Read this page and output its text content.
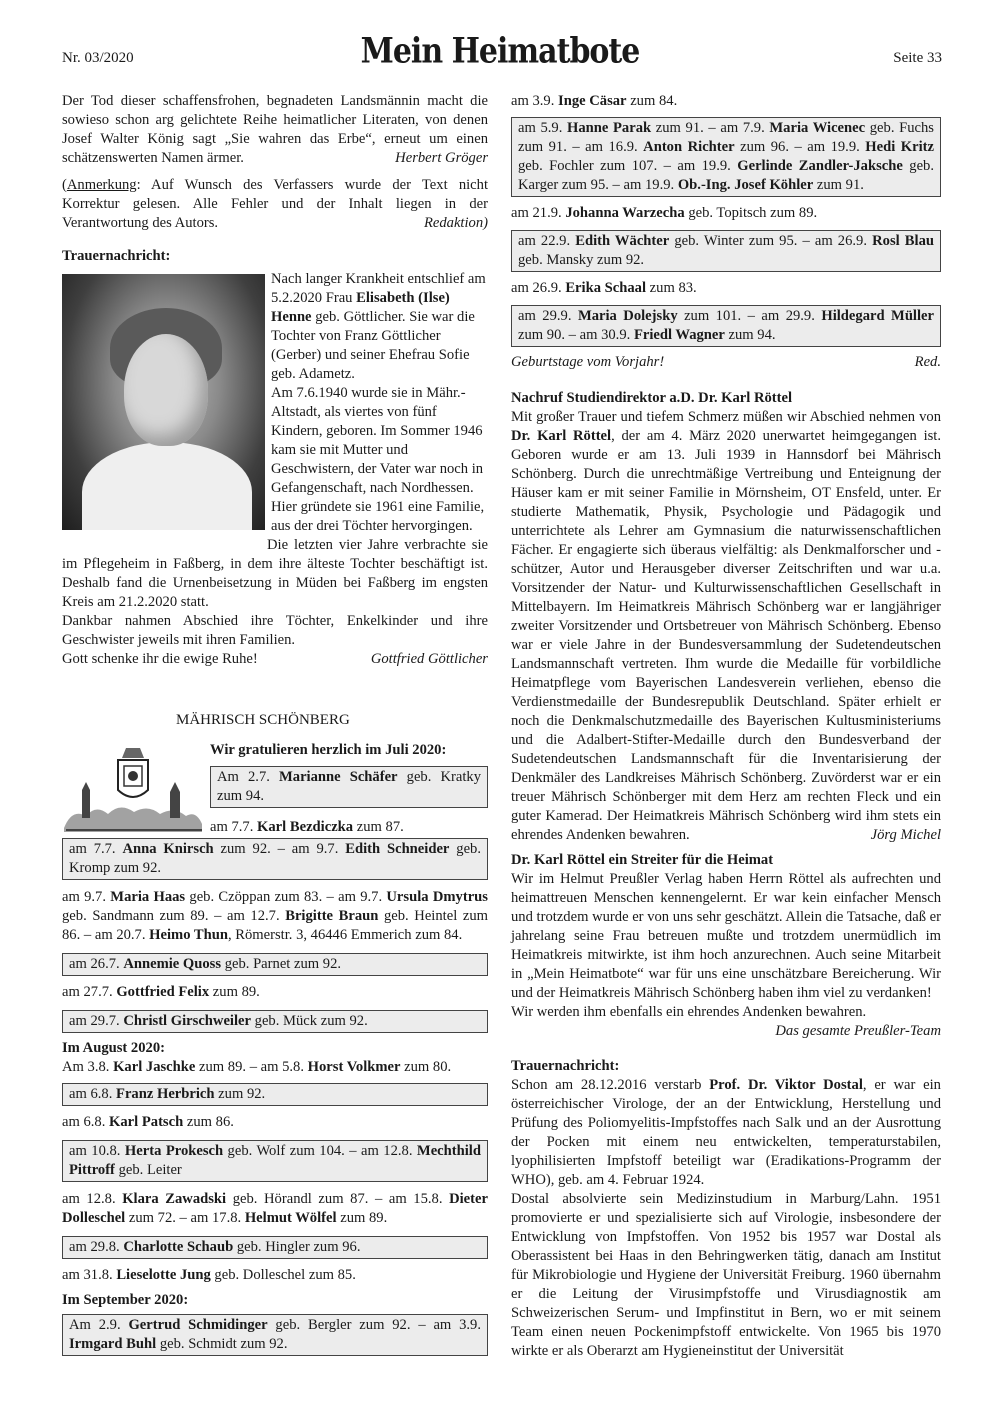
Nr. 03/2020	Mein Heimatbote	Seite 33

Der Tod dieser schaffensfrohen, begnadeten Landsmännin macht die sowieso schon arg gelichtete Reihe heimatlicher Literaten, von denen Josef Walter König sagt „Sie wahren das Erbe“, erneut um einen schätzenswerten Namen ärmer.	Herbert Gröger

(Anmerkung: Auf Wunsch des Verfassers wurde der Text nicht Korrektur gelesen. Alle Fehler und der Inhalt liegen in der Verantwortung des Autors.	Redaktion)
Trauernachricht:

Nach langer Krankheit entschlief am 5.2.2020 Frau Elisabeth (Ilse) Henne geb. Göttlicher. Sie war die Tochter von Franz Göttlicher (Gerber) und seiner Ehefrau Sofie geb. Adametz.

Am 7.6.1940 wurde sie in Mähr.-Altstadt, als viertes von fünf Kindern, geboren. Im Sommer 1946 kam sie mit Mutter und Geschwistern, der Vater war noch in Gefangenschaft, nach Nordhessen. Hier gründete sie 1961 eine Familie, aus der drei Töchter hervorgingen.

Die letzten vier Jahre verbrachte sie im Pflegeheim in Faßberg, in dem ihre älteste Tochter beschäftigt ist. Deshalb fand die Urnenbeisetzung in Müden bei Faßberg im engsten Kreis am 21.2.2020 statt.

Dankbar nahmen Abschied ihre Töchter, Enkelkinder und ihre Geschwister jeweils mit ihren Familien.

Gott schenke ihr die ewige Ruhe!	Gottfried Göttlicher
MÄHRISCH SCHÖNBERG
Wir gratulieren herzlich im Juli 2020:
Am 2.7. Marianne Schäfer geb. Kratky zum 94.

am 7.7. Karl Bezdiczka zum 87.

am 7.7. Anna Knirsch zum 92. – am 9.7. Edith Schneider geb. Kromp zum 92.

am 9.7. Maria Haas geb. Czöppan zum 83. – am 9.7. Ursula Dmytrus geb. Sandmann zum 89. – am 12.7. Brigitte Braun geb. Heintel zum 86. – am 20.7. Heimo Thun, Römerstr. 3, 46446 Emmerich zum 84.

am 26.7. Annemie Quoss geb. Parnet zum 92.

am 27.7. Gottfried Felix zum 89.

am 29.7. Christl Girschweiler geb. Mück zum 92.
Im August 2020:

Am 3.8. Karl Jaschke zum 89. – am 5.8. Horst Volkmer zum 80.

am 6.8. Franz Herbrich zum 92.

am 6.8. Karl Patsch zum 86.

am 10.8. Herta Prokesch geb. Wolf zum 104. – am 12.8. Mechthild Pittroff geb. Leiter

am 12.8. Klara Zawadski geb. Hörandl zum 87. – am 15.8. Dieter Dolleschel zum 72. – am 17.8. Helmut Wölfel zum 89.

am 29.8. Charlotte Schaub geb. Hingler zum 96.

am 31.8. Lieselotte Jung geb. Dolleschel zum 85.

Im September 2020:
Am 2.9. Gertrud Schmidinger geb. Bergler zum 92. – am 3.9. Irmgard Buhl geb. Schmidt zum 92.

am 3.9. Inge Cäsar zum 84.

am 5.9. Hanne Parak zum 91. – am 7.9. Maria Wicenec geb. Fuchs zum 91. – am 16.9. Anton Richter zum 96. – am 19.9. Hedi Kritz geb. Fochler zum 107. – am 19.9. Gerlinde Zandler-Jaksche geb. Karger zum 95. – am 19.9. Ob.-Ing. Josef Köhler zum 91.

am 21.9. Johanna Warzecha geb. Topitsch zum 89.

am 22.9. Edith Wächter geb. Winter zum 95. – am 26.9. Rosl Blau geb. Mansky zum 92.

am 26.9. Erika Schaal zum 83.

am 29.9. Maria Dolejsky zum 101. – am 29.9. Hildegard Müller zum 90. – am 30.9. Friedl Wagner zum 94.
Geburtstage vom Vorjahr!	Red.
Nachruf Studiendirektor a.D. Dr. Karl Röttel

Mit großer Trauer und tiefem Schmerz müßen wir Abschied nehmen von Dr. Karl Röttel, der am 4. März 2020 unerwartet heimgegangen ist. Geboren wurde er am 13. Juli 1939 in Hannsdorf bei Mährisch Schönberg. Durch die unrechtmäßige Vertreibung und Enteignung der Häuser kam er mit seiner Familie in Mörnsheim, OT Ensfeld, unter. Er studierte Mathematik, Physik, Psychologie und Pädagogik und unterrichtete als Lehrer am Gymnasium die naturwissenschaftlichen Fächer. Er engagierte sich überaus vielfältig: als Denkmalforscher und -schützer, Autor und Herausgeber diverser Zeitschriften und war u.a. Vorsitzender der Natur- und Kulturwissenschaftlichen Gesellschaft in Mittelbayern. Im Heimatkreis Mährisch Schönberg war er langjähriger zweiter Vorsitzender und Ortsbetreuer von Mährisch Schönberg. Ebenso war er viele Jahre in der Bundesversammlung der Sudetendeutschen Landsmannschaft vertreten. Ihm wurde die Medaille für vorbildliche Heimatpflege vom Bayerischen Landesverein verliehen, ebenso die Verdienstmedaille der Bundesrepublik Deutschland. Später erhielt er noch die Denkmalschutzmedaille des Bayerischen Kultusministeriums und die Adalbert-Stifter-Medaille durch den Bundesverband der Sudetendeutschen Landsmannschaft für die Inventarisierung der Denkmäler des Landkreises Mährisch Schönberg. Zuvörderst war er ein treuer Mährisch Schönberger mit dem Herz am rechten Fleck und ein guter Kamerad. Der Heimatkreis Mährisch Schönberg wird ihm stets ein ehrendes Andenken bewahren.	Jörg Michel
Dr. Karl Röttel ein Streiter für die Heimat

Wir im Helmut Preußler Verlag haben Herrn Röttel als aufrechten und heimattreuen Menschen kennengelernt. Er war kein einfacher Mensch und trotzdem wurde er von uns sehr geschätzt. Allein die Tatsache, daß er jahrelang seine Frau betreuen mußte und trotzdem unermüdlich im Heimatkreis mitwirkte, ist ihm hoch anzurechnen. Auch seine Mitarbeit in „Mein Heimatbote“ war für uns eine unschätzbare Bereicherung. Wir und der Heimatkreis Mährisch Schönberg haben ihm viel zu verdanken!

Wir werden ihm ebenfalls ein ehrendes Andenken bewahren.

Das gesamte Preußler-Team
Trauernachricht:

Schon am 28.12.2016 verstarb Prof. Dr. Viktor Dostal, er war ein österreichischer Virologe, der an der Entwicklung, Herstellung und Prüfung des Poliomyelitis-Impfstoffes nach Salk und an der Ausrottung der Pocken mit einem neu entwickelten, temperaturstabilen, lyophilisierten Impfstoff beteiligt war (Eradikations-Programm der WHO), geb. am 4. Februar 1924.

Dostal absolvierte sein Medizinstudium in Marburg/Lahn. 1951 promovierte er und spezialisierte sich auf Virologie, insbesondere der Entwicklung von Impfstoffen. Von 1952 bis 1957 war Dostal als Oberassistent bei Haas in den Behringwerken tätig, danach am Institut für Mikrobiologie und Hygiene der Universität Freiburg. 1960 übernahm er die Leitung der Virusimpfstoffe und Virusdiagnostik am Schweizerischen Serum- und Impfinstitut in Bern, wo er mit seinem Team einen neuen Pockenimpfstoff entwickelte. Von 1965 bis 1970 wirkte er als Oberarzt am Hygieneinstitut der Universität
